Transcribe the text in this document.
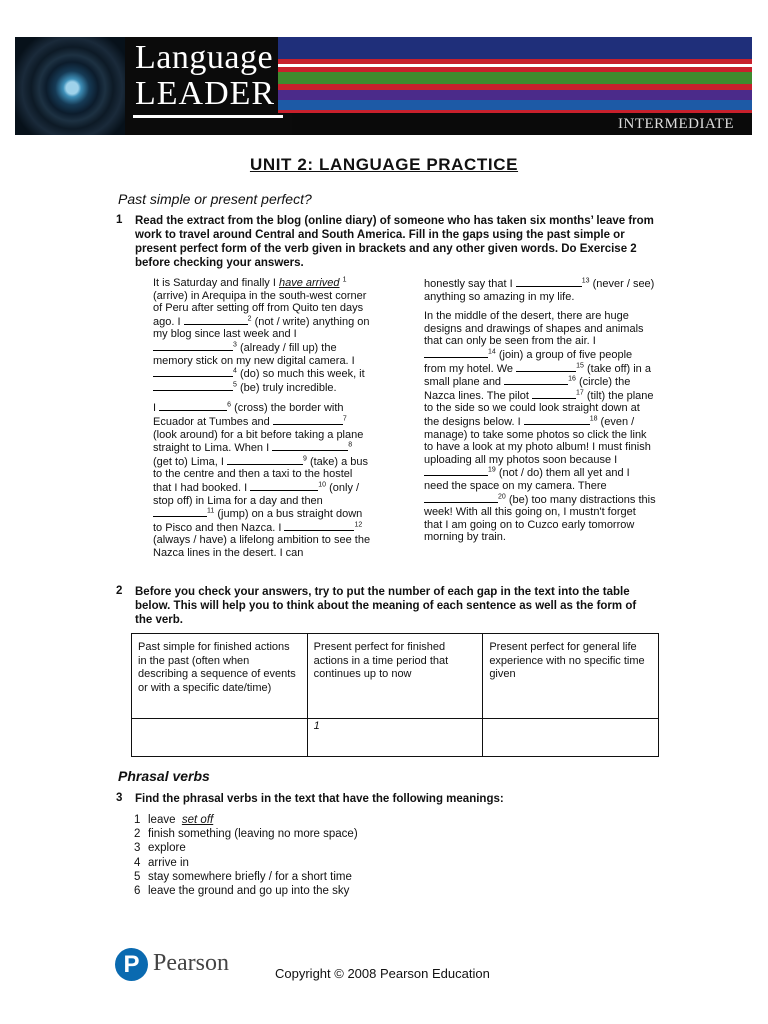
Language
LEADER
INTERMEDIATE
UNIT 2: LANGUAGE PRACTICE
Past simple or present perfect?
1 Read the extract from the blog (online diary) of someone who has taken six months’ leave from work to travel around Central and South America. Fill in the gaps using the past simple or present perfect form of the verb given in brackets and any other given words. Do Exercise 2 before checking your answers.

It is Saturday and finally I have arrived $^1$ (arrive) in Arequipa in the south-west corner of Peru after setting off from Quito ten days ago. I	$^2$ (not / write) anything on my blog since last week and I $^3$ (already / fill up) the memory stick on my new digital camera. I $^4$ (do) so much this week, it $^5$ (be) truly incredible.

I	$^6$ (cross) the border with Ecuador at Tumbes and	$^7$ (look around) for a bit before taking a plane straight to Lima. When I	$^8$ (get to) Lima, I	$^9$ (take) a bus to the centre and then a taxi to the hostel that I had booked. I	$^{10}$ (only / stop off) in Lima for a day and then $^{11}$ (jump) on a bus straight down to Pisco and then Nazca. I	$^{12}$ (always / have) a lifelong ambition to see the Nazca lines in the desert. I can

honestly say that I	$^{13}$ (never / see) anything so amazing in my life.

In the middle of the desert, there are huge designs and drawings of shapes and animals that can only be seen from the air. I $^{14}$ (join) a group of five people from my hotel. We	$^{15}$ (take off) in a small plane and	$^{16}$ (circle) the Nazca lines. The pilot	$^{17}$ (tilt) the plane to the side so we could look straight down at the designs below. I	$^{18}$ (even / manage) to take some photos so click the link to have a look at my photo album! I must finish uploading all my photos soon because I $^{19}$ (not / do) them all yet and I need the space on my camera. There $^{20}$ (be) too many distractions this week! With all this going on, I mustn't forget that I am going on to Cuzco early tomorrow morning by train.

2 Before you check your answers, try to put the number of each gap in the text into the table below. This will help you to think about the meaning of each sentence as well as the form of the verb.
Past simple for finished actions in the past (often when describing a sequence of events or with a specific date/time)	Present perfect for finished actions in a time period that continues up to now	Present perfect for general life experience with no specific time given
	1	
Phrasal verbs
3 Find the phrasal verbs in the text that have the following meanings:
1 leave set off
2 finish something (leaving no more space)
3 explore
4 arrive in
5 stay somewhere briefly / for a short time
6 leave the ground and go up into the sky
P Pearson	Copyright © 2008 Pearson Education
